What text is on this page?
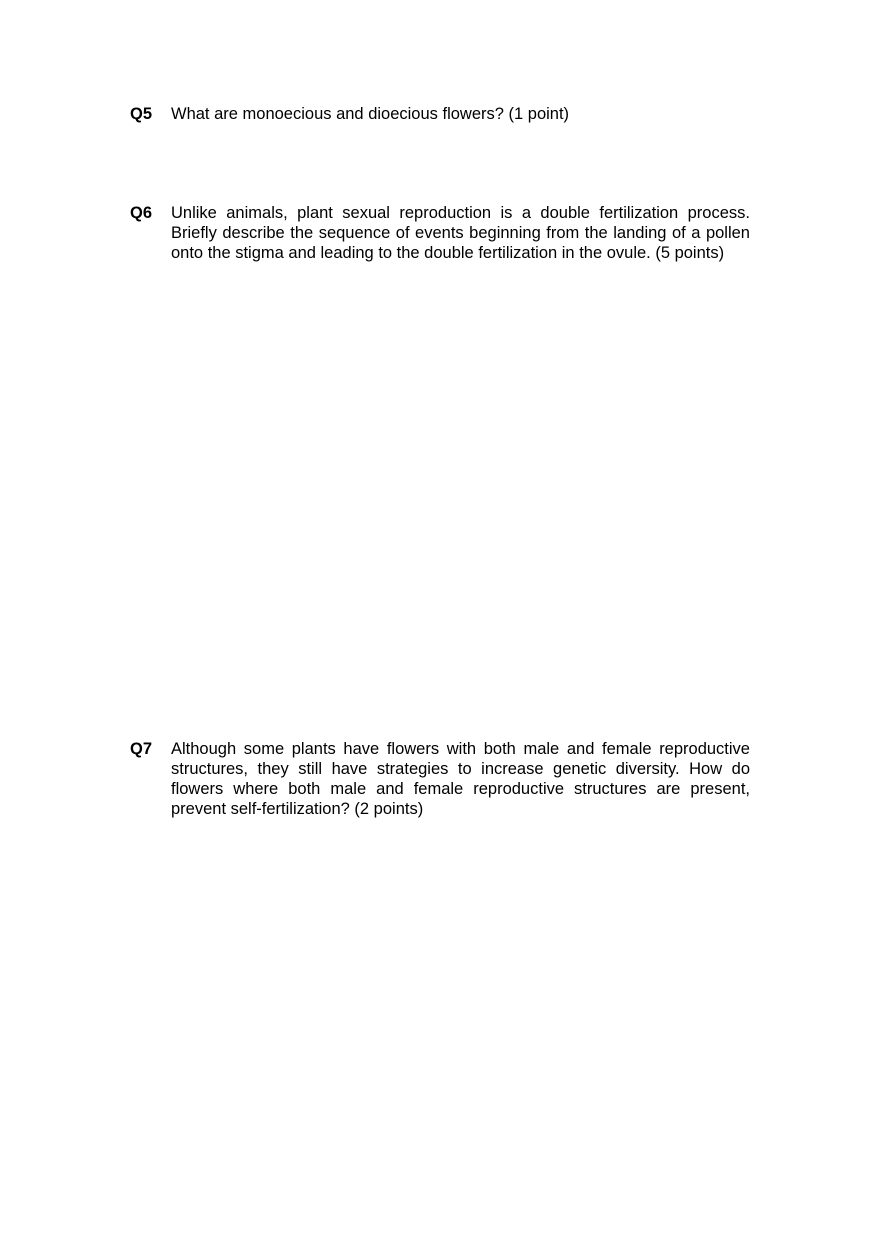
Q5 What are monoecious and dioecious flowers? (1 point)
Q6 Unlike animals, plant sexual reproduction is a double fertilization process. Briefly describe the sequence of events beginning from the landing of a pollen onto the stigma and leading to the double fertilization in the ovule. (5 points)
Q7 Although some plants have flowers with both male and female reproductive structures, they still have strategies to increase genetic diversity. How do flowers where both male and female reproductive structures are present, prevent self-fertilization? (2 points)
